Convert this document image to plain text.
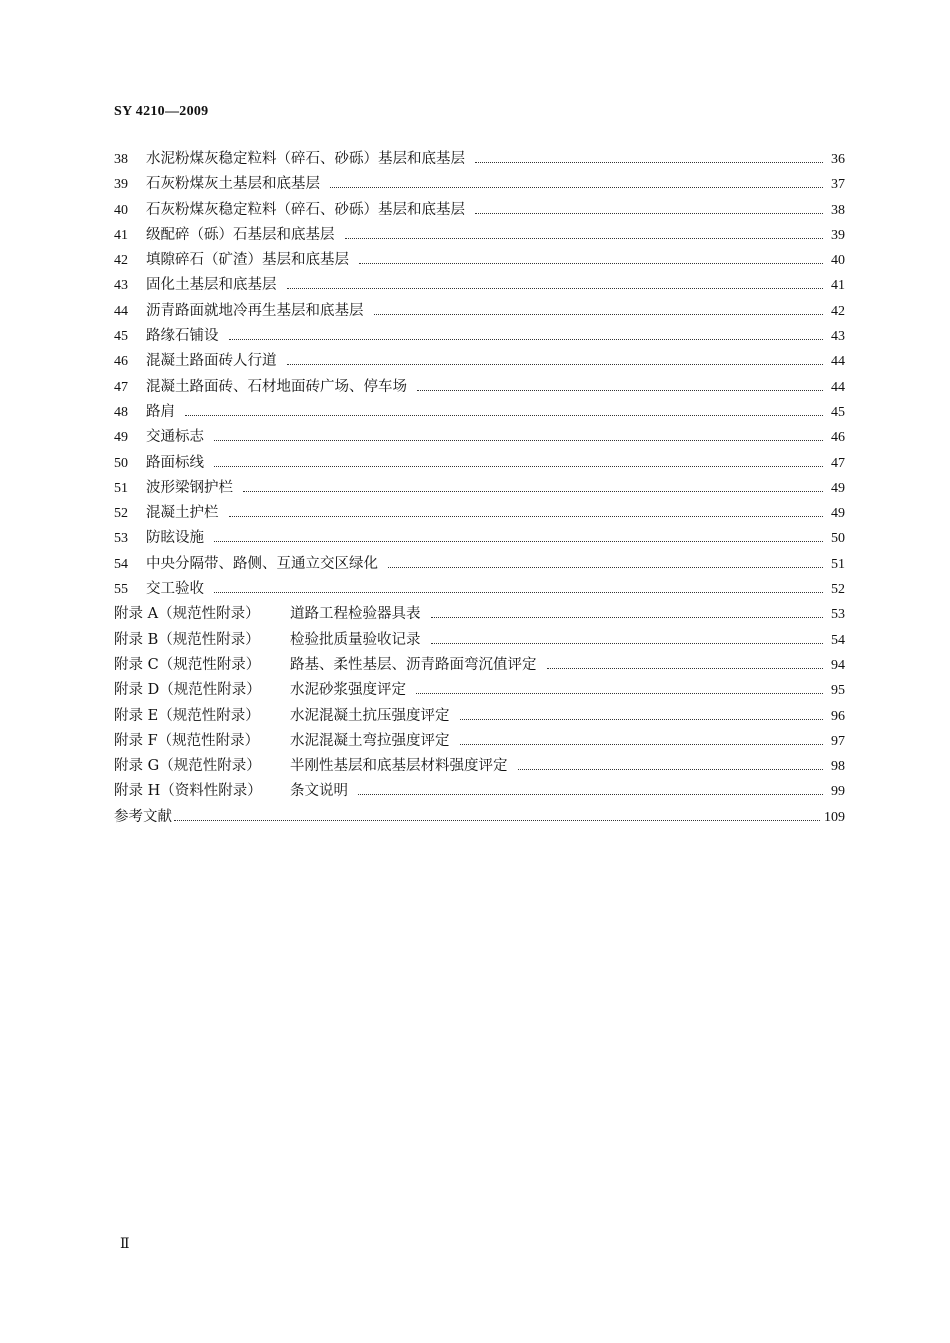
SY 4210—2009
38	水泥粉煤灰稳定粒料（碎石、砂砾）基层和底基层	36
39	石灰粉煤灰土基层和底基层	37
40	石灰粉煤灰稳定粒料（碎石、砂砾）基层和底基层	38
41	级配碎（砾）石基层和底基层	39
42	填隙碎石（矿渣）基层和底基层	40
43	固化土基层和底基层	41
44	沥青路面就地冷再生基层和底基层	42
45	路缘石铺设	43
46	混凝土路面砖人行道	44
47	混凝土路面砖、石材地面砖广场、停车场	44
48	路肩	45
49	交通标志	46
50	路面标线	47
51	波形梁钢护栏	49
52	混凝土护栏	49
53	防眩设施	50
54	中央分隔带、路侧、互通立交区绿化	51
55	交工验收	52
附录 A（规范性附录）	道路工程检验器具表	53
附录 B（规范性附录）	检验批质量验收记录	54
附录 C（规范性附录）	路基、柔性基层、沥青路面弯沉值评定	94
附录 D（规范性附录）	水泥砂浆强度评定	95
附录 E（规范性附录）	水泥混凝土抗压强度评定	96
附录 F（规范性附录）	水泥混凝土弯拉强度评定	97
附录 G（规范性附录）	半刚性基层和底基层材料强度评定	98
附录 H（资料性附录）	条文说明	99
参考文献	109
Ⅱ
